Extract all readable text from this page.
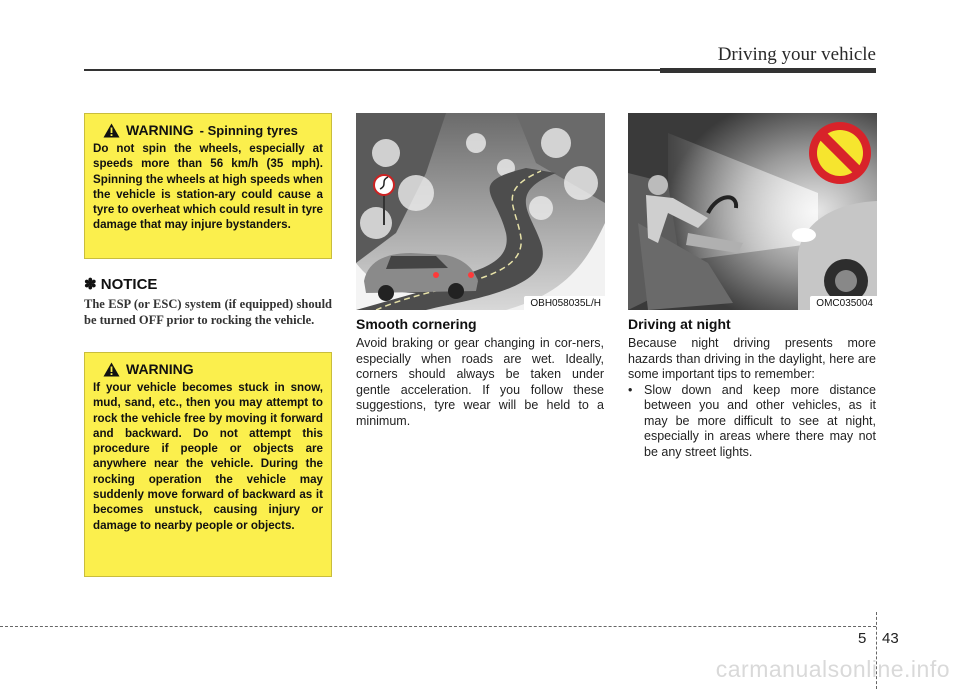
Driving your vehicle
WARNING - Spinning tyres
Do not spin the wheels, especially at speeds more than 56 km/h (35 mph). Spinning the wheels at high speeds when the vehicle is station-ary could cause a tyre to overheat which could result in tyre damage that may injure bystanders.
✽ NOTICE
The ESP (or ESC) system (if equipped) should be turned OFF prior to rocking the vehicle.
WARNING
If your vehicle becomes stuck in snow, mud, sand, etc., then you may attempt to rock the vehicle free by moving it forward and backward. Do not attempt this procedure if people or objects are anywhere near the vehicle. During the rocking operation the vehicle may suddenly move forward of backward as it becomes unstuck, causing injury or damage to nearby people or objects.
OBH058035L/H	OMC035004
Smooth cornering
Avoid braking or gear changing in cor-ners, especially when roads are wet. Ideally, corners should always be taken under gentle acceleration. If you follow these suggestions, tyre wear will be held to a minimum.
Driving at night
Because night driving presents more hazards than driving in the daylight, here are some important tips to remember:
• Slow down and keep more distance between you and other vehicles, as it may be more difficult to see at night, especially in areas where there may not be any street lights.
5 43
carmanualsonline.info
